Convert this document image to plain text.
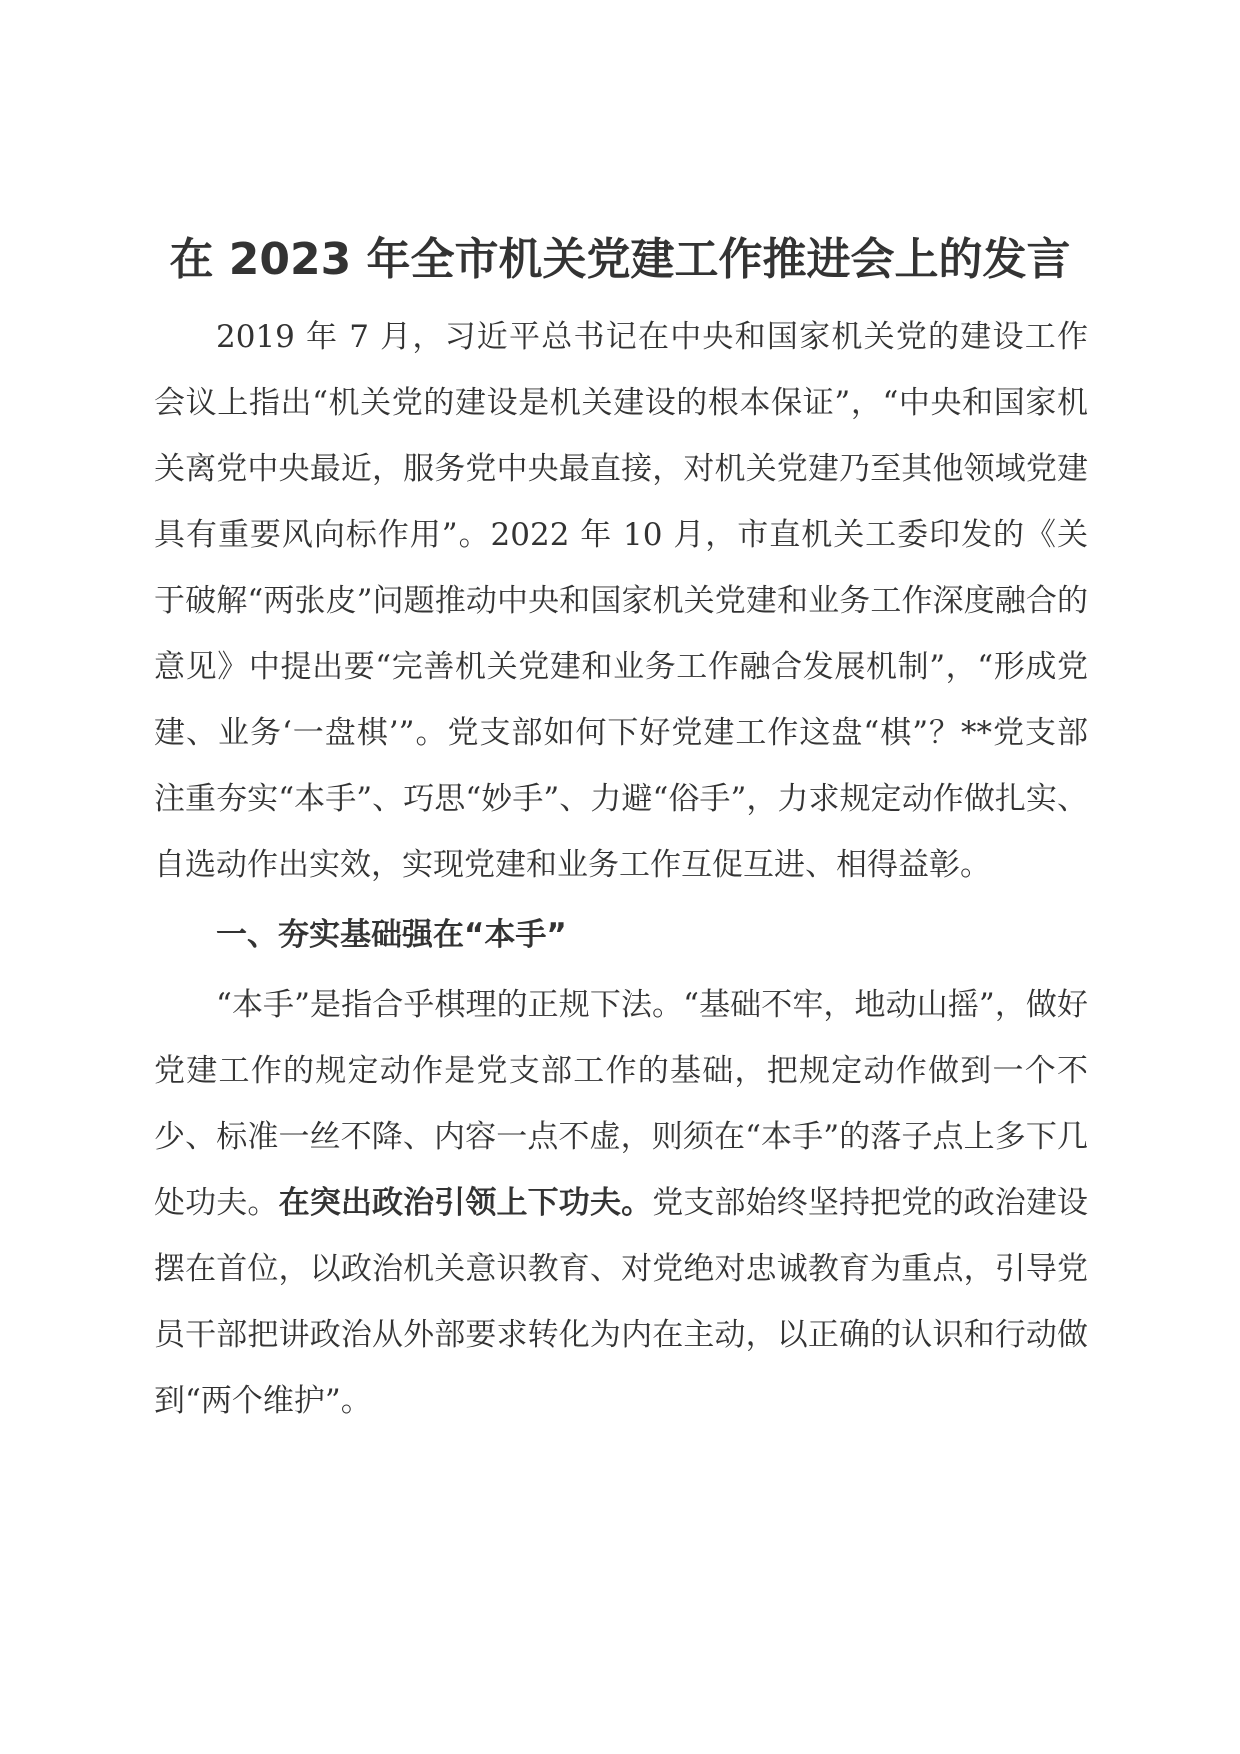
在 2023 年全市机关党建工作推进会上的发言

2019 年 7 月，习近平总书记在中央和国家机关党的建设工作会议上指出“机关党的建设是机关建设的根本保证”，“中央和国家机关离党中央最近，服务党中央最直接，对机关党建乃至其他领域党建具有重要风向标作用”。2022 年 10 月，市直机关工委印发的《关于破解“两张皮”问题推动中央和国家机关党建和业务工作深度融合的意见》中提出要“完善机关党建和业务工作融合发展机制”，“形成党建、业务‘一盘棋’”。党支部如何下好党建工作这盘“棋”？**党支部注重夯实“本手”、巧思“妙手”、力避“俗手”，力求规定动作做扎实、自选动作出实效，实现党建和业务工作互促互进、相得益彰。

一、夯实基础强在“本手”

“本手”是指合乎棋理的正规下法。“基础不牢，地动山摇”，做好党建工作的规定动作是党支部工作的基础，把规定动作做到一个不少、标准一丝不降、内容一点不虚，则须在“本手”的落子点上多下几处功夫。在突出政治引领上下功夫。党支部始终坚持把党的政治建设摆在首位，以政治机关意识教育、对党绝对忠诚教育为重点，引导党员干部把讲政治从外部要求转化为内在主动，以正确的认识和行动做到“两个维护”。
